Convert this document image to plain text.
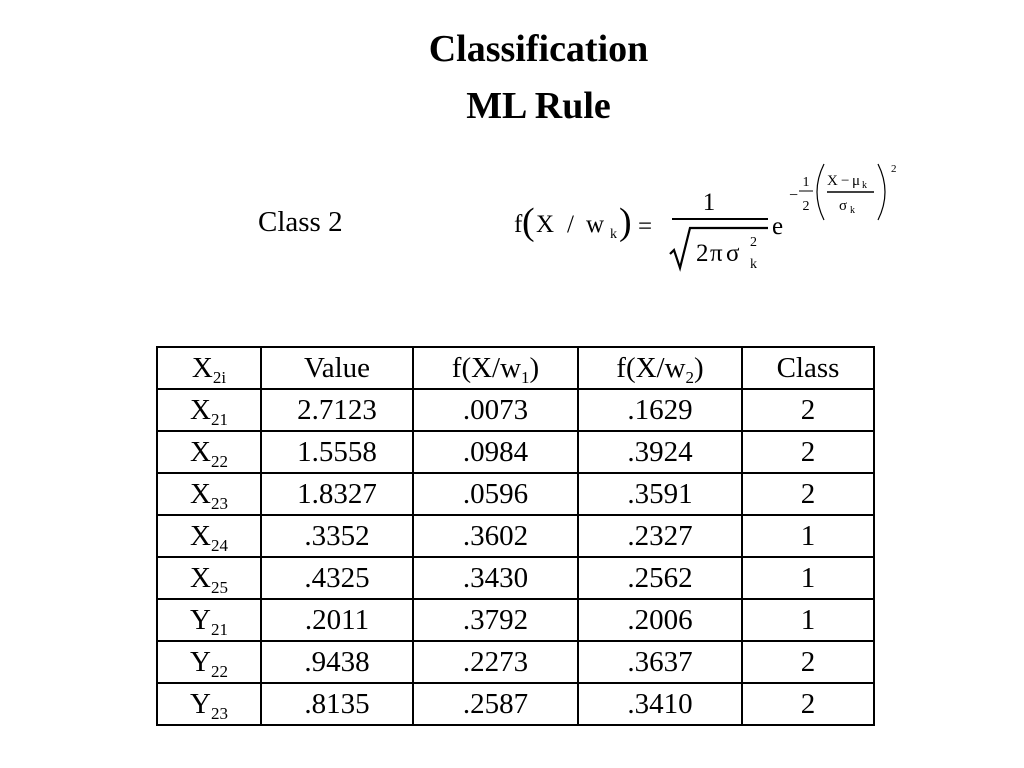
Classification
ML Rule
Class 2	f ( X / w k ) =
1
2 π σ 2
k
e
−
1
2
X − μ k
σ k
2
$X_{2i}$	Value	$f(X/w_1)$	$f(X/w_2)$	Class
$X_{21}$	2.7123	.0073	.1629	2
$X_{22}$	1.5558	.0984	.3924	2
$X_{23}$	1.8327	.0596	.3591	2
$X_{24}$	.3352	.3602	.2327	1
$X_{25}$	.4325	.3430	.2562	1
$Y_{21}$	.2011	.3792	.2006	1
$Y_{22}$	.9438	.2273	.3637	2
$Y_{23}$	.8135	.2587	.3410	2
